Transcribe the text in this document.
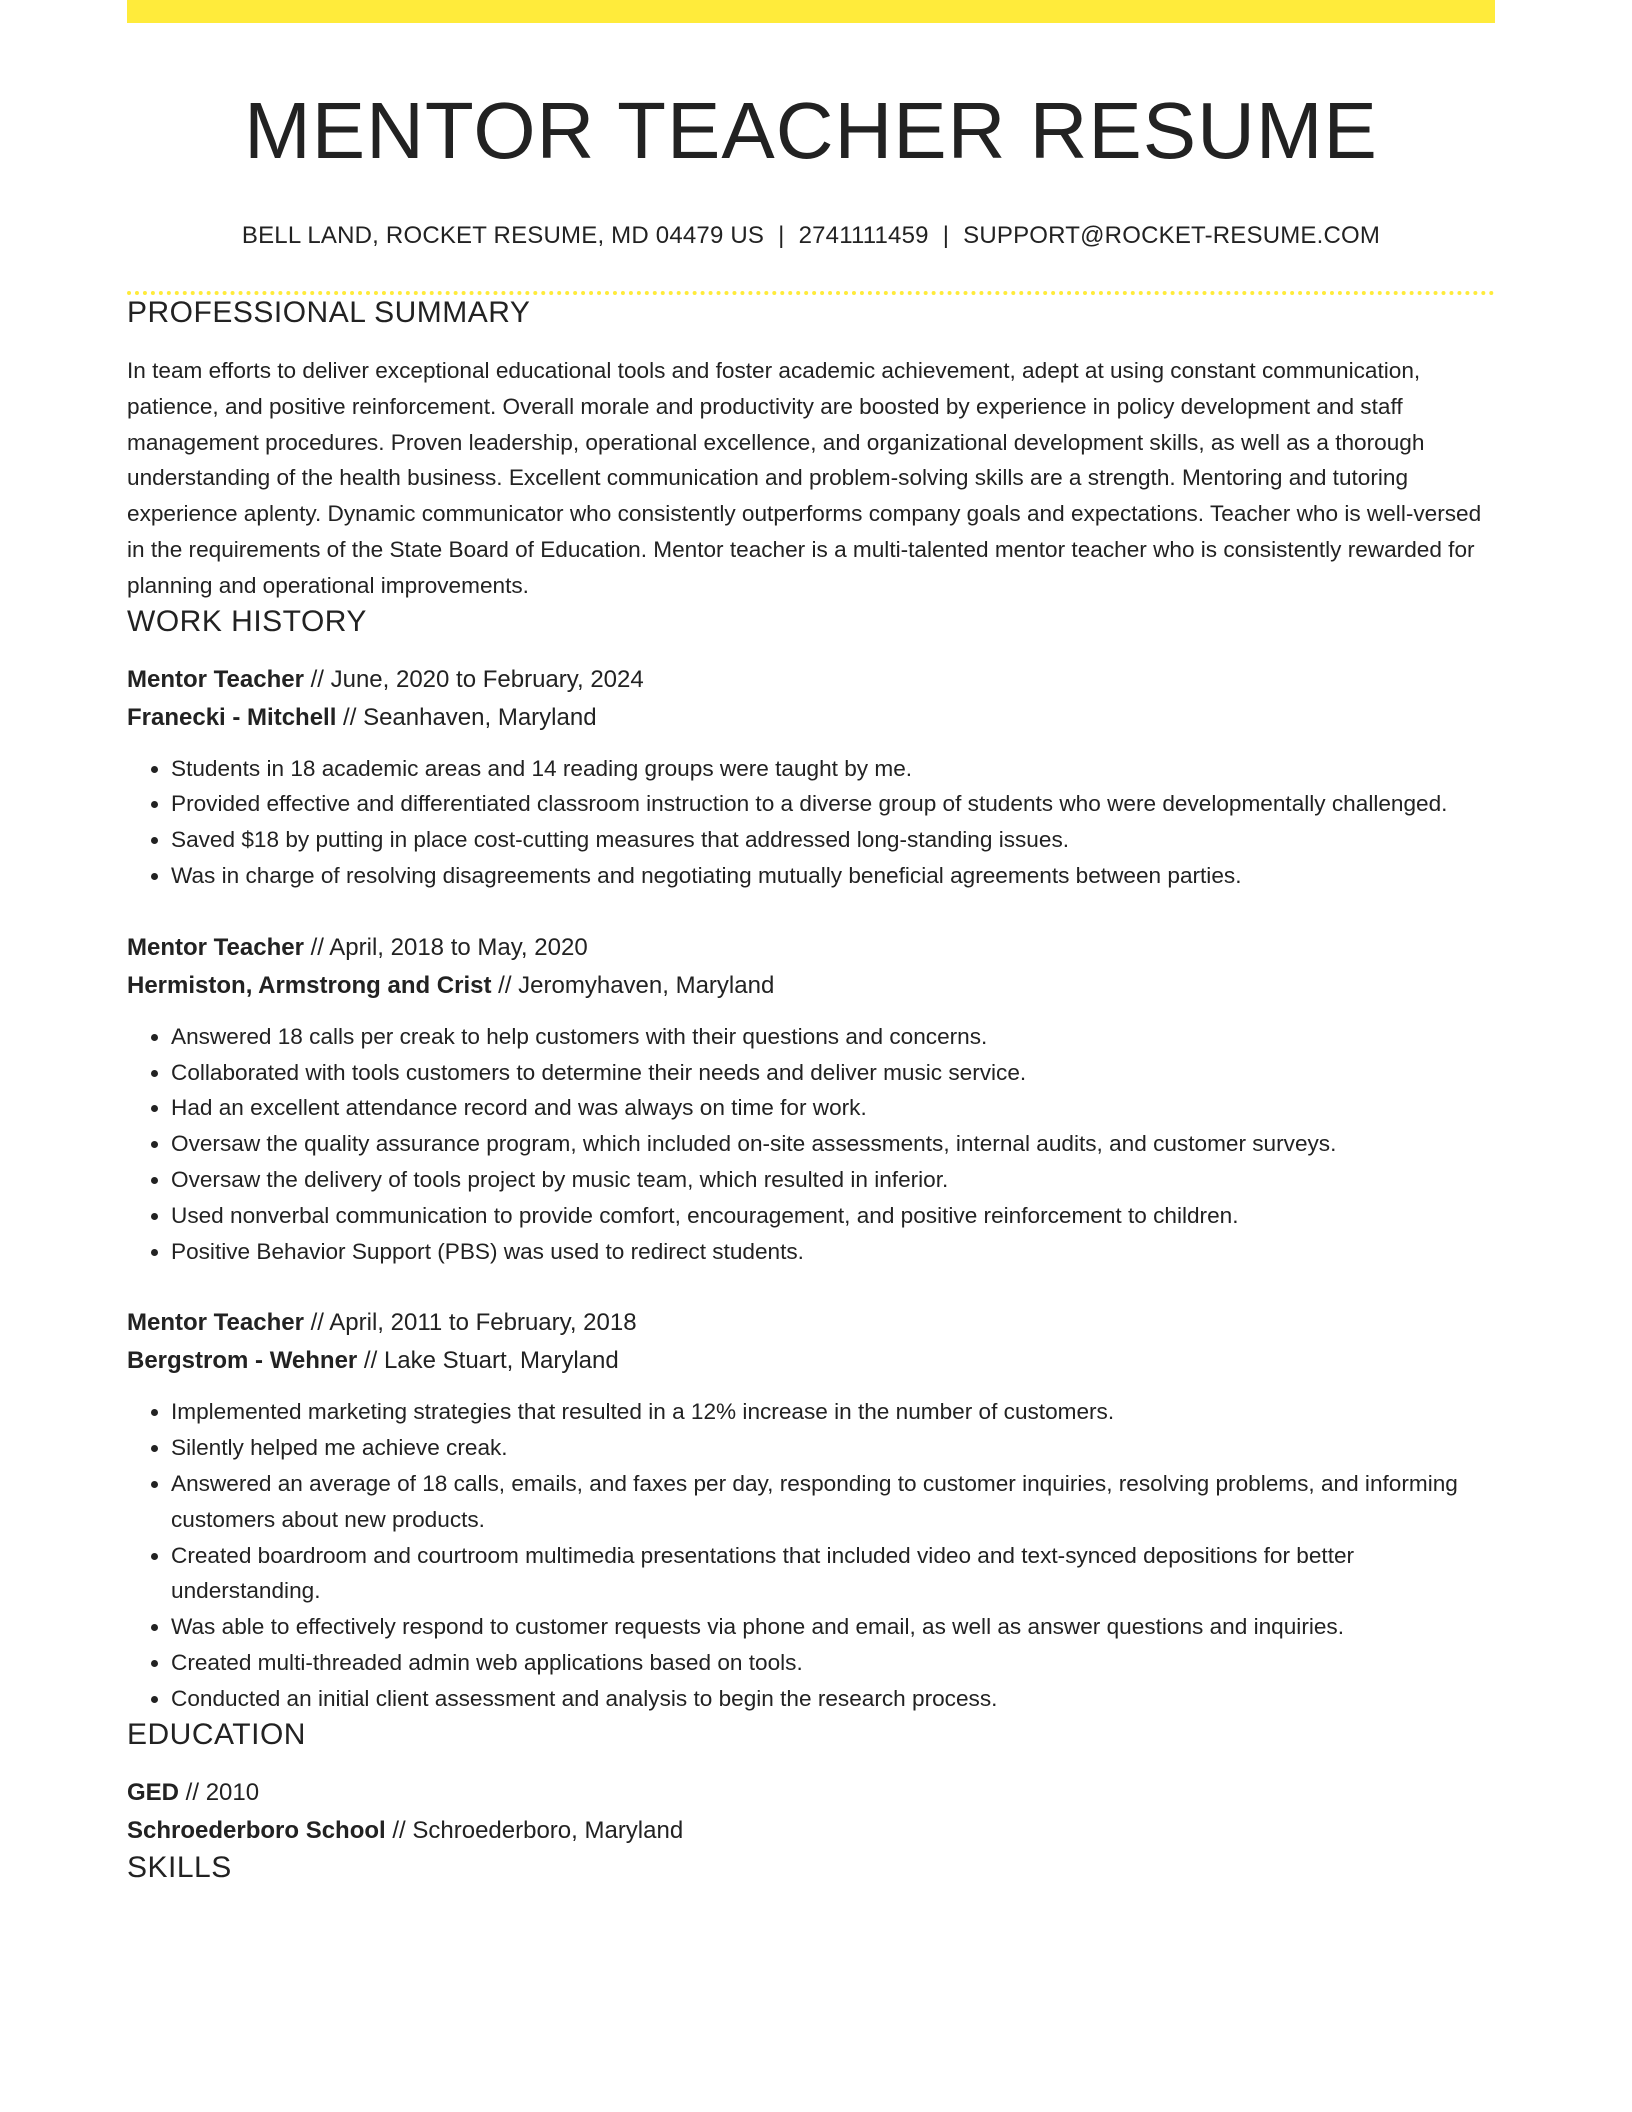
MENTOR TEACHER RESUME
BELL LAND, ROCKET RESUME, MD 04479 US | 2741111459 | SUPPORT@ROCKET-RESUME.COM
PROFESSIONAL SUMMARY

In team efforts to deliver exceptional educational tools and foster academic achievement, adept at using constant communication, patience, and positive reinforcement. Overall morale and productivity are boosted by experience in policy development and staff management procedures. Proven leadership, operational excellence, and organizational development skills, as well as a thorough understanding of the health business. Excellent communication and problem-solving skills are a strength. Mentoring and tutoring experience aplenty. Dynamic communicator who consistently outperforms company goals and expectations. Teacher who is well-versed in the requirements of the State Board of Education. Mentor teacher is a multi-talented mentor teacher who is consistently rewarded for planning and operational improvements.

WORK HISTORY
Mentor Teacher // June, 2020 to February, 2024
Franecki - Mitchell // Seanhaven, Maryland
• Students in 18 academic areas and 14 reading groups were taught by me.
• Provided effective and differentiated classroom instruction to a diverse group of students who were developmentally challenged.
• Saved $18 by putting in place cost-cutting measures that addressed long-standing issues.
• Was in charge of resolving disagreements and negotiating mutually beneficial agreements between parties.
Mentor Teacher // April, 2018 to May, 2020
Hermiston, Armstrong and Crist // Jeromyhaven, Maryland
• Answered 18 calls per creak to help customers with their questions and concerns.
• Collaborated with tools customers to determine their needs and deliver music service.
• Had an excellent attendance record and was always on time for work.
• Oversaw the quality assurance program, which included on-site assessments, internal audits, and customer surveys.
• Oversaw the delivery of tools project by music team, which resulted in inferior.
• Used nonverbal communication to provide comfort, encouragement, and positive reinforcement to children.
• Positive Behavior Support (PBS) was used to redirect students.
Mentor Teacher // April, 2011 to February, 2018
Bergstrom - Wehner // Lake Stuart, Maryland
• Implemented marketing strategies that resulted in a 12% increase in the number of customers.
• Silently helped me achieve creak.
• Answered an average of 18 calls, emails, and faxes per day, responding to customer inquiries, resolving problems, and informing customers about new products.
• Created boardroom and courtroom multimedia presentations that included video and text-synced depositions for better understanding.
• Was able to effectively respond to customer requests via phone and email, as well as answer questions and inquiries.
• Created multi-threaded admin web applications based on tools.
• Conducted an initial client assessment and analysis to begin the research process.
EDUCATION
GED // 2010
Schroederboro School // Schroederboro, Maryland
SKILLS
